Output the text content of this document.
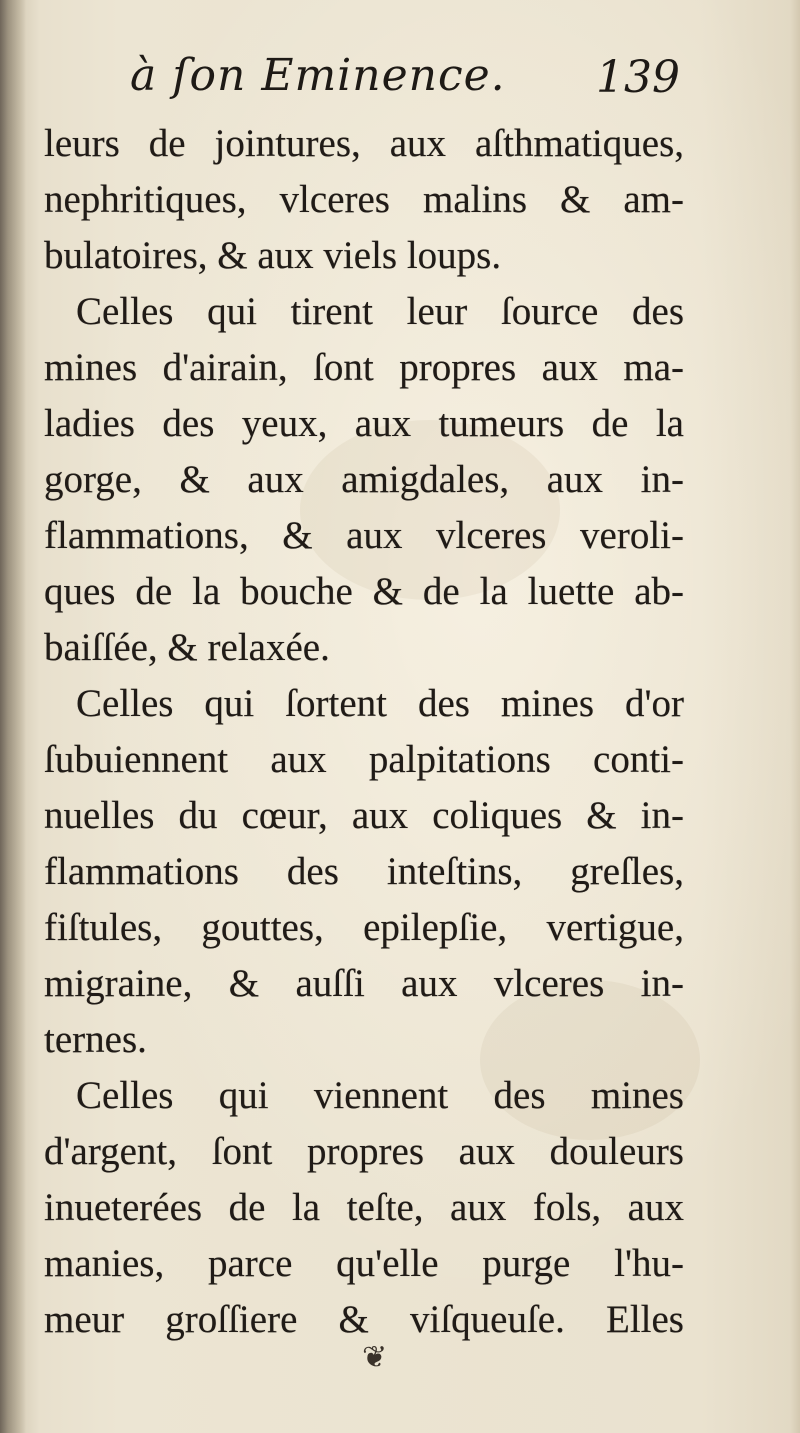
à ſon Eminence. 139
leurs de jointures, aux aſthmatiques,
nephritiques, vlceres malins & am-
bulatoires, & aux viels loups.
Celles qui tirent leur ſource des
mines d'airain, ſont propres aux ma-
ladies des yeux, aux tumeurs de la
gorge, & aux amigdales, aux in-
flammations, & aux vlceres veroli-
ques de la bouche & de la luette ab-
baiſſée, & relaxée.
Celles qui ſortent des mines d'or
ſubuiennent aux palpitations conti-
nuelles du cœur, aux coliques & in-
flammations des inteſtins, greſles,
fiſtules, gouttes, epilepſie, vertigue,
migraine, & auſſi aux vlceres in-
ternes.
Celles qui viennent des mines
d'argent, ſont propres aux douleurs
inueterées de la teſte, aux fols, aux
manies, parce qu'elle purge l'hu-
meur groſſiere & viſqueuſe. Elles
❦
